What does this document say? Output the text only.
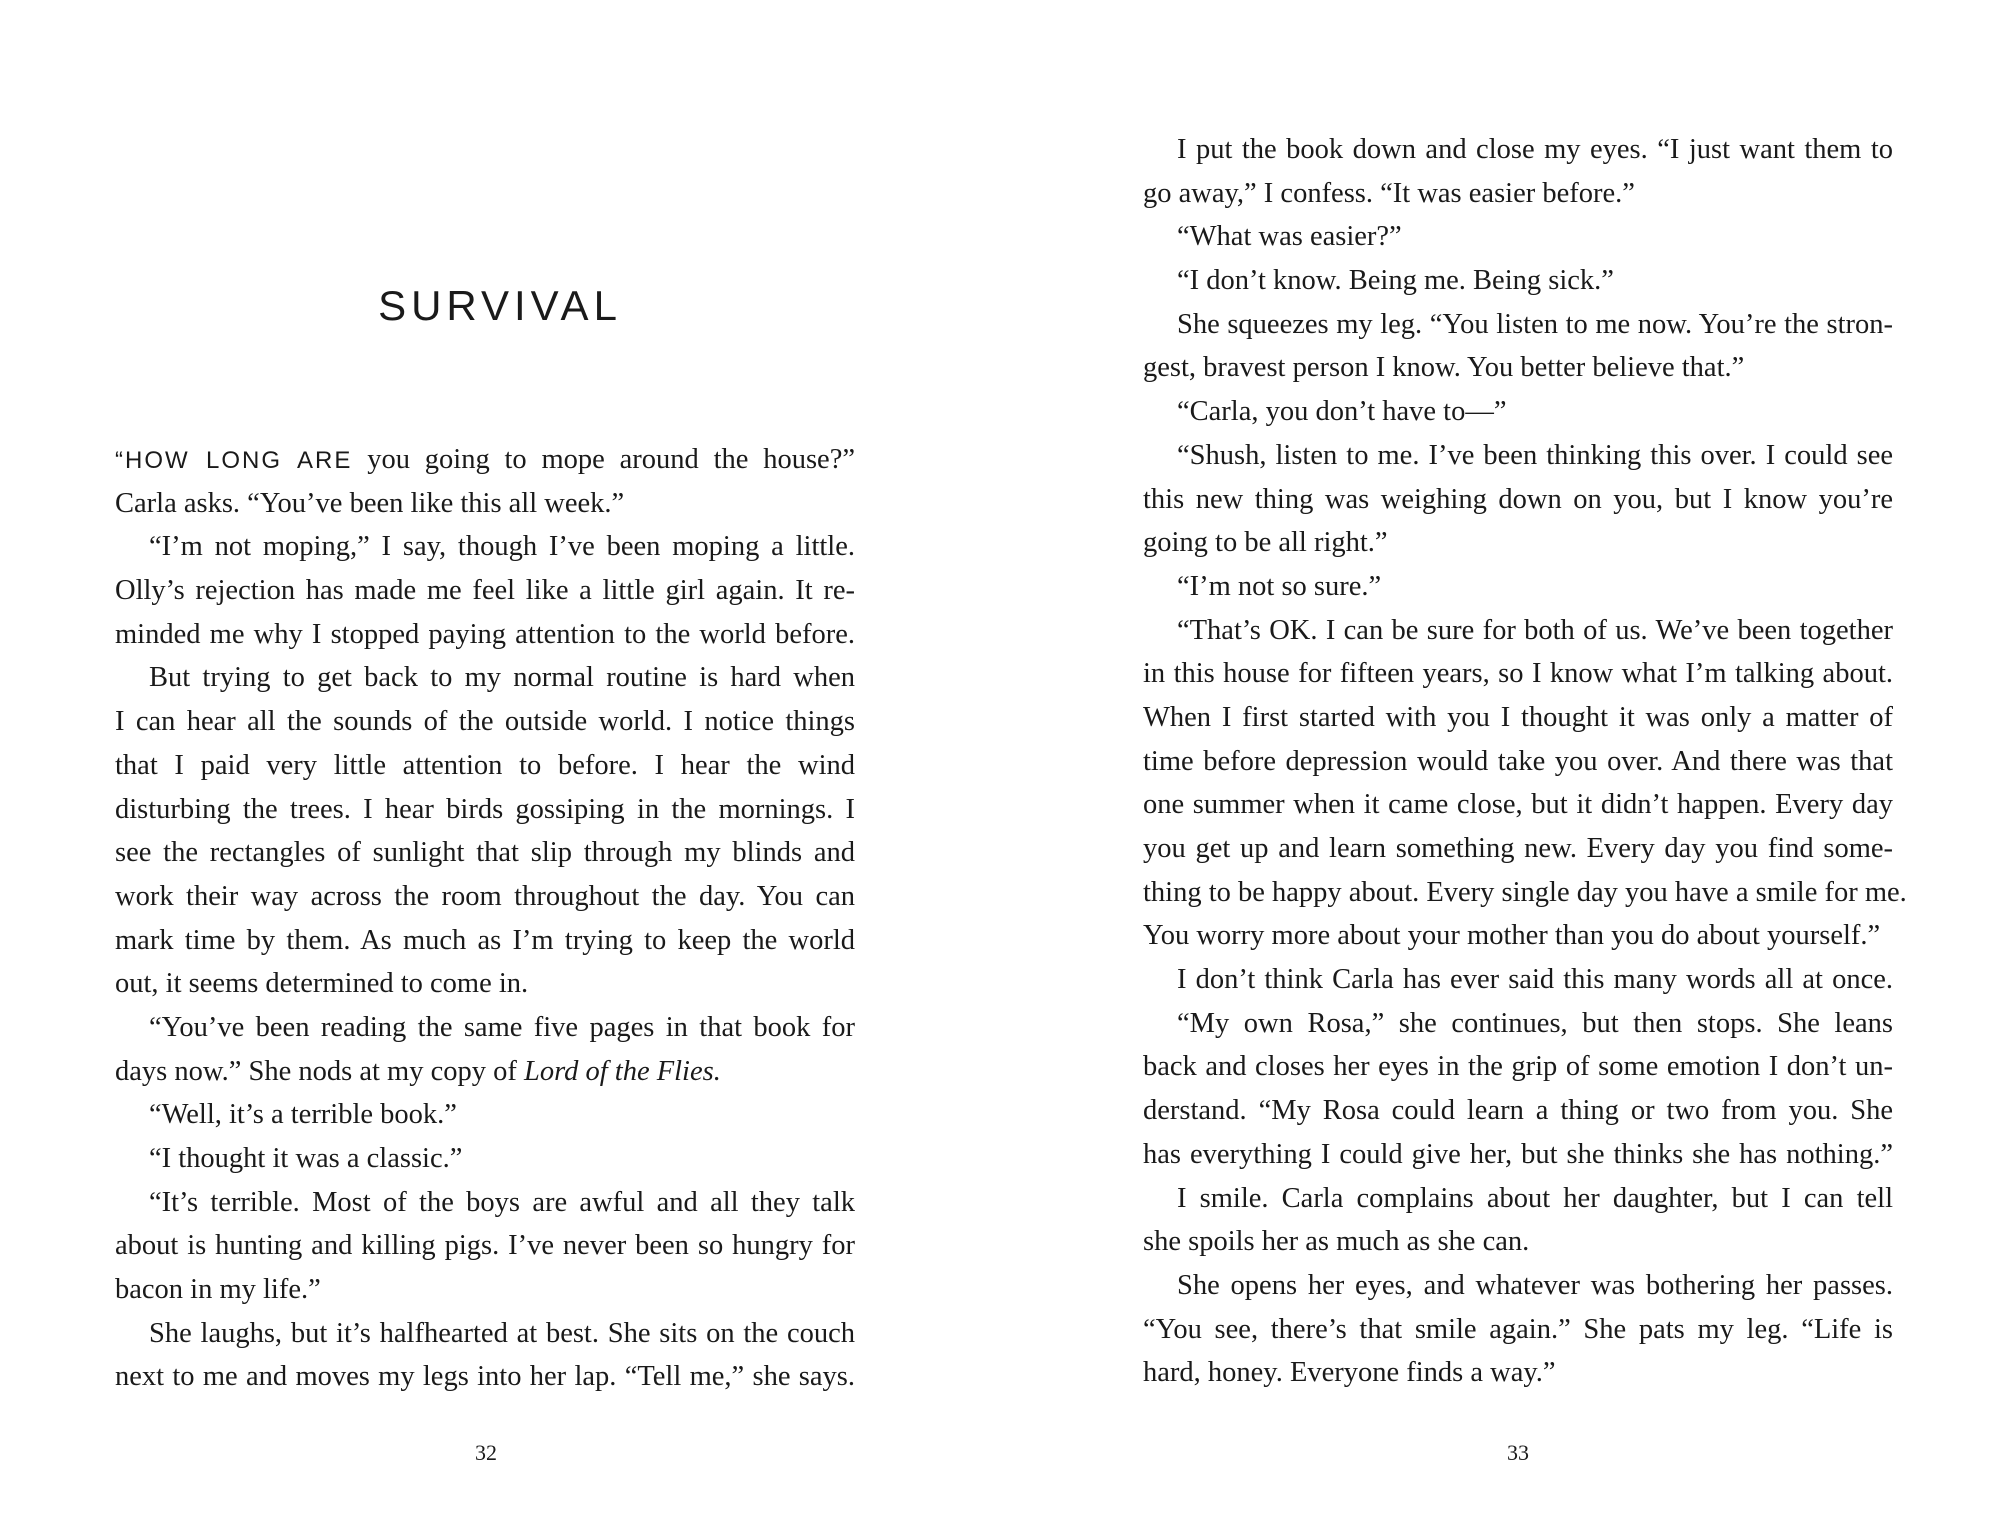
SURVIVAL
“HOW LONG ARE you going to mope around the house?”
Carla asks. “You’ve been like this all week.”
“I’m not moping,” I say, though I’ve been moping a little.
Olly’s rejection has made me feel like a little girl again. It re-
minded me why I stopped paying attention to the world before.
But trying to get back to my normal routine is hard when
I can hear all the sounds of the outside world. I notice things
that I paid very little attention to before. I hear the wind
disturbing the trees. I hear birds gossiping in the mornings. I
see the rectangles of sunlight that slip through my blinds and
work their way across the room throughout the day. You can
mark time by them. As much as I’m trying to keep the world
out, it seems determined to come in.
“You’ve been reading the same five pages in that book for
days now.” She nods at my copy of Lord of the Flies.
“Well, it’s a terrible book.”
“I thought it was a classic.”
“It’s terrible. Most of the boys are awful and all they talk
about is hunting and killing pigs. I’ve never been so hungry for
bacon in my life.”
She laughs, but it’s halfhearted at best. She sits on the couch
next to me and moves my legs into her lap. “Tell me,” she says.
32
I put the book down and close my eyes. “I just want them to
go away,” I confess. “It was easier before.”
“What was easier?”
“I don’t know. Being me. Being sick.”
She squeezes my leg. “You listen to me now. You’re the stron-
gest, bravest person I know. You better believe that.”
“Carla, you don’t have to—”
“Shush, listen to me. I’ve been thinking this over. I could see
this new thing was weighing down on you, but I know you’re
going to be all right.”
“I’m not so sure.”
“That’s OK. I can be sure for both of us. We’ve been together
in this house for fifteen years, so I know what I’m talking about.
When I first started with you I thought it was only a matter of
time before depression would take you over. And there was that
one summer when it came close, but it didn’t happen. Every day
you get up and learn something new. Every day you find some-
thing to be happy about. Every single day you have a smile for me.
You worry more about your mother than you do about yourself.”
I don’t think Carla has ever said this many words all at once.
“My own Rosa,” she continues, but then stops. She leans
back and closes her eyes in the grip of some emotion I don’t un-
derstand. “My Rosa could learn a thing or two from you. She
has everything I could give her, but she thinks she has nothing.”
I smile. Carla complains about her daughter, but I can tell
she spoils her as much as she can.
She opens her eyes, and whatever was bothering her passes.
“You see, there’s that smile again.” She pats my leg. “Life is
hard, honey. Everyone finds a way.”
33
